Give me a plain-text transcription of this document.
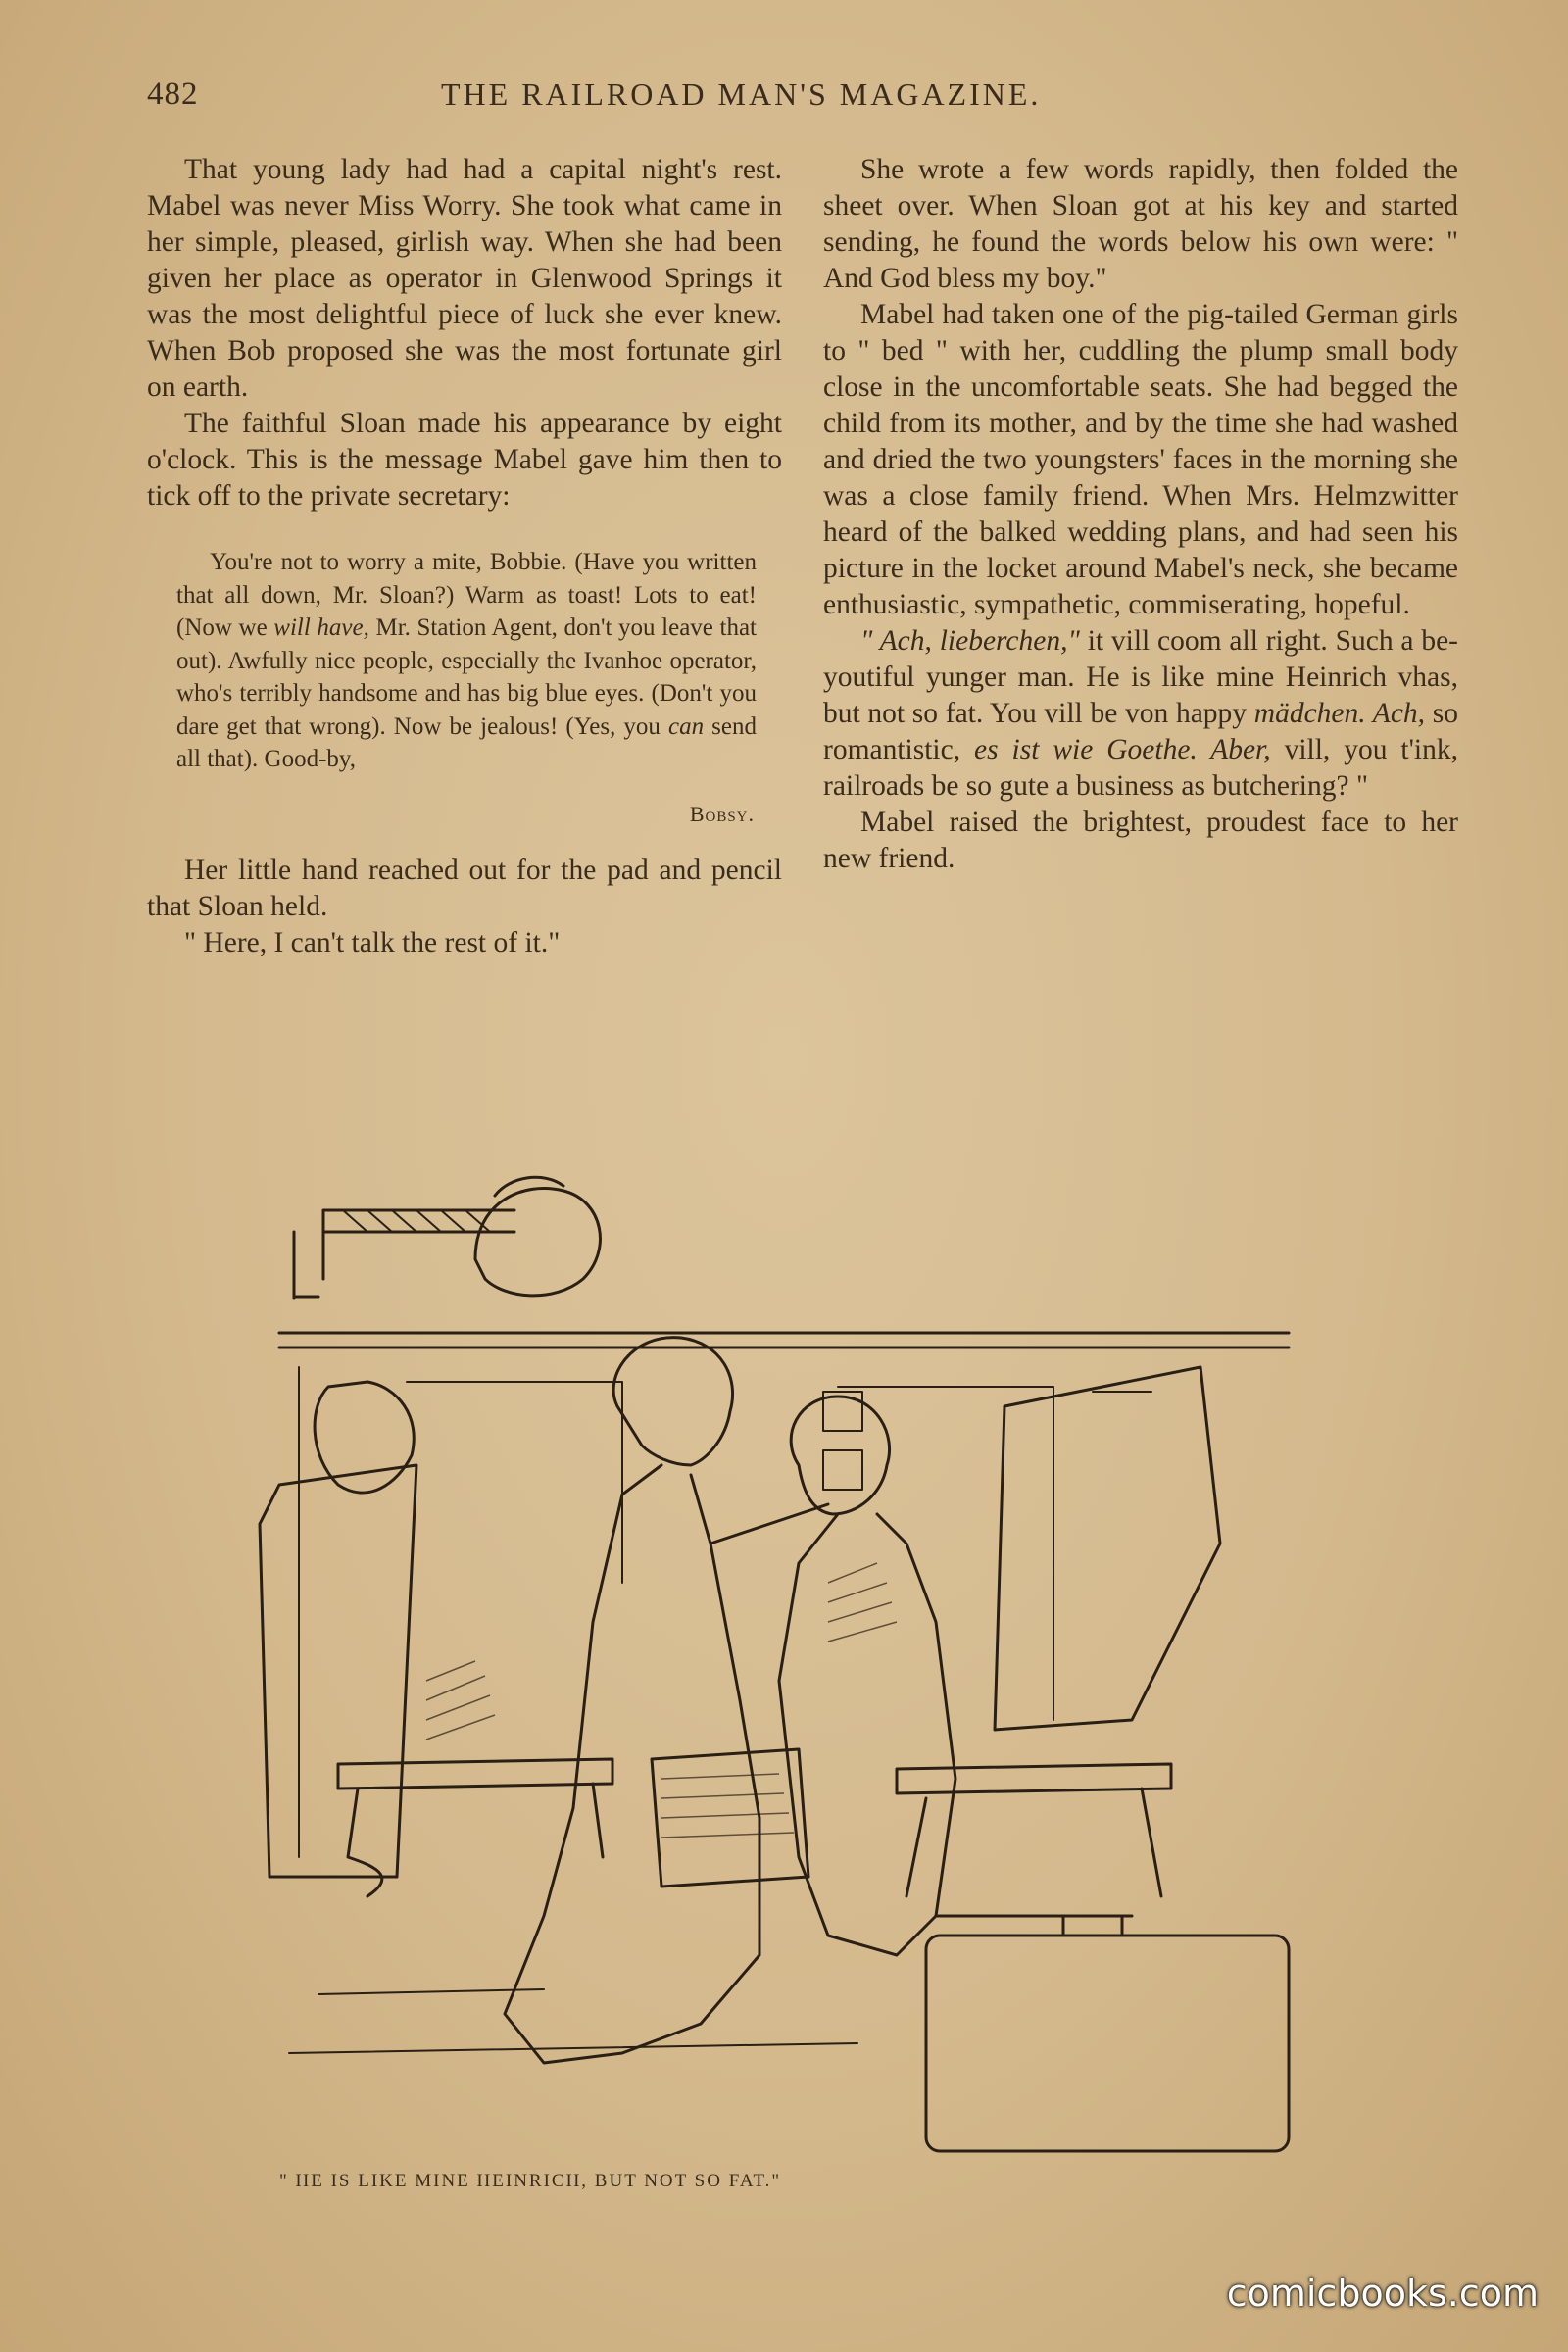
482	THE RAILROAD MAN'S MAGAZINE.

That young lady had had a capital night's rest. Mabel was never Miss Worry. She took what came in her simple, pleased, girlish way. When she had been given her place as operator in Glenwood Springs it was the most delightful piece of luck she ever knew. When Bob proposed she was the most fortunate girl on earth.

The faithful Sloan made his appearance by eight o'clock. This is the message Mabel gave him then to tick off to the private secretary:

You're not to worry a mite, Bobbie. (Have you written that all down, Mr. Sloan?) Warm as toast! Lots to eat! (Now we will have, Mr. Station Agent, don't you leave that out). Awfully nice people, especially the Ivanhoe operator, who's terribly handsome and has big blue eyes. (Don't you dare get that wrong). Now be jealous! (Yes, you can send all that). Good-by,

Bobsy.

Her little hand reached out for the pad and pencil that Sloan held.

" Here, I can't talk the rest of it."

She wrote a few words rapidly, then folded the sheet over. When Sloan got at his key and started sending, he found the words below his own were: " And God bless my boy."

Mabel had taken one of the pig-tailed German girls to " bed " with her, cuddling the plump small body close in the uncomfortable seats. She had begged the child from its mother, and by the time she had washed and dried the two youngsters' faces in the morning she was a close family friend. When Mrs. Helmzwitter heard of the balked wedding plans, and had seen his picture in the locket around Mabel's neck, she became enthusiastic, sympathetic, commiserating, hopeful.

" Ach, lieberchen," it vill coom all right. Such a be-youtiful yunger man. He is like mine Heinrich vhas, but not so fat. You vill be von happy mädchen. Ach, so romantistic, es ist wie Goethe. Aber, vill, you t'ink, railroads be so gute a business as butchering? "

Mabel raised the brightest, proudest face to her new friend.

" HE IS LIKE MINE HEINRICH, BUT NOT SO FAT."
comicbooks.com
